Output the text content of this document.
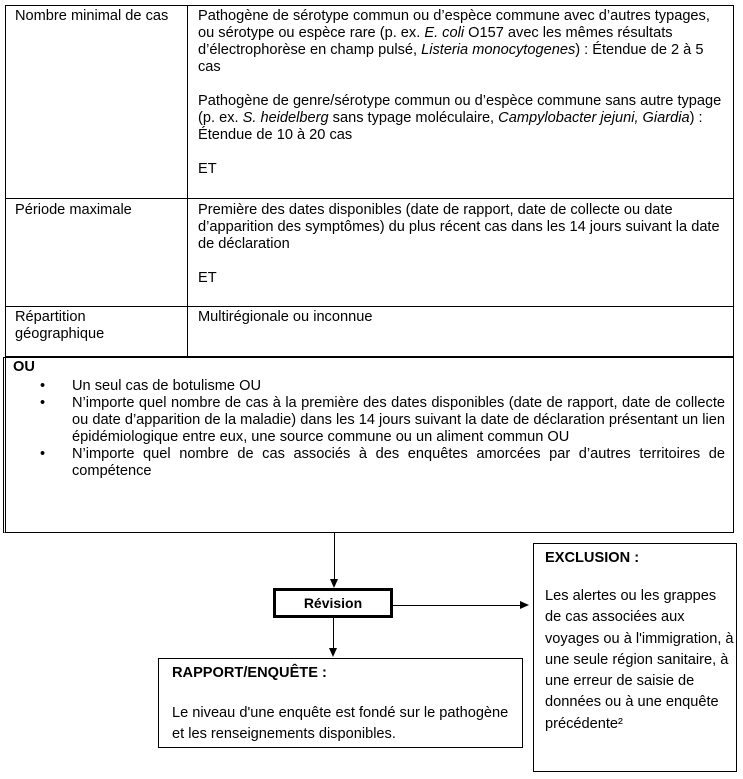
Nombre minimal de cas	Pathogène de sérotype commun ou d’espèce commune avec d’autres typages, ou sérotype ou espèce rare (p. ex. E. coli O157 avec les mêmes résultats d’électrophorèse en champ pulsé, Listeria monocytogenes) : Étendue de 2 à 5 cas

Pathogène de genre/sérotype commun ou d’espèce commune sans autre typage (p. ex. S. heidelberg sans typage moléculaire, Campylobacter jejuni, Giardia) : Étendue de 10 à 20 cas

ET

Période maximale	Première des dates disponibles (date de rapport, date de collecte ou date d’apparition des symptômes) du plus récent cas dans les 14 jours suivant la date de déclaration

ET

Répartition géographique

Multirégionale ou inconnue

OU
• Un seul cas de botulisme OU
• N’importe quel nombre de cas à la première des dates disponibles (date de rapport, date de collecte ou date d’apparition de la maladie) dans les 14 jours suivant la date de déclaration présentant un lien épidémiologique entre eux, une source commune ou un aliment commun OU
• N’importe quel nombre de cas associés à des enquêtes amorcées par d’autres territoires de compétence
Révision
RAPPORT/ENQUÊTE :
Le niveau d'une enquête est fondé sur le pathogène et les renseignements disponibles.
EXCLUSION :
Les alertes ou les grappes de cas associées aux voyages ou à l'immigration, à une seule région sanitaire, à une erreur de saisie de données ou à une enquête précédente²
